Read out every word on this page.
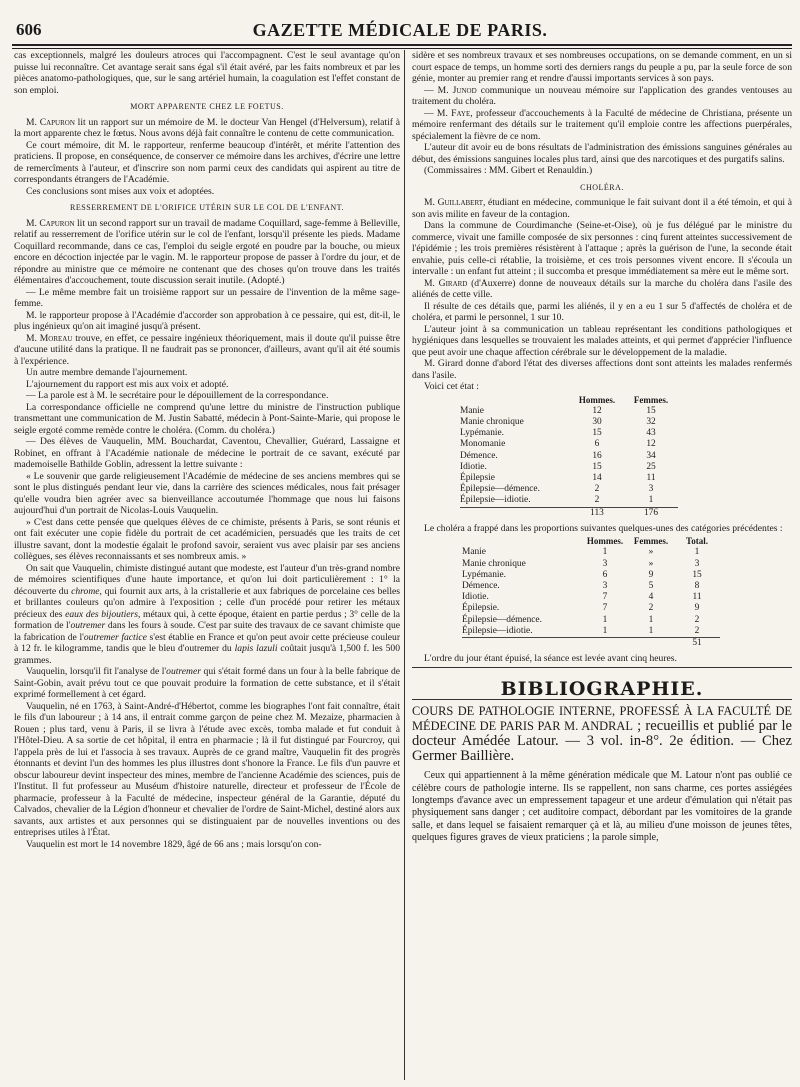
606	GAZETTE MÉDICALE DE PARIS.

cas exceptionnels, malgré les douleurs atroces qui l'accompagnent. C'est le seul avantage qu'on puisse lui reconnaître. Cet avantage serait sans égal s'il était avéré, par les faits nombreux et par les pièces anatomo-pathologiques, que, sur le sang artériel humain, la coagulation est l'effet constant de son emploi.

MORT APPARENTE CHEZ LE FOETUS.

M. Capuron lit un rapport sur un mémoire de M. le docteur Van Hengel (d'Helversum), relatif à la mort apparente chez le fœtus. Nous avons déjà fait connaître le contenu de cette communication.

Ce court mémoire, dit M. le rapporteur, renferme beaucoup d'intérêt, et mérite l'attention des praticiens. Il propose, en conséquence, de conserver ce mémoire dans les archives, d'écrire une lettre de remercîments à l'auteur, et d'inscrire son nom parmi ceux des candidats qui aspirent au titre de correspondants étrangers de l'Académie.

Ces conclusions sont mises aux voix et adoptées.

RESSERREMENT DE L'ORIFICE UTÉRIN SUR LE COL DE L'ENFANT.

M. Capuron lit un second rapport sur un travail de madame Coquillard, sage-femme à Belleville, relatif au resserrement de l'orifice utérin sur le col de l'enfant, lorsqu'il présente les pieds. Madame Coquillard recommande, dans ce cas, l'emploi du seigle ergoté en poudre par la bouche, ou mieux encore en décoction injectée par le vagin. M. le rapporteur propose de passer à l'ordre du jour, et de répondre au ministre que ce mémoire ne contenant que des choses qu'on trouve dans les traités élémentaires d'accouchement, toute discussion serait inutile. (Adopté.)

— Le même membre fait un troisième rapport sur un pessaire de l'invention de la même sage-femme.

M. le rapporteur propose à l'Académie d'accorder son approbation à ce pessaire, qui est, dit-il, le plus ingénieux qu'on ait imaginé jusqu'à présent.

M. Moreau trouve, en effet, ce pessaire ingénieux théoriquement, mais il doute qu'il puisse être d'aucune utilité dans la pratique. Il ne faudrait pas se prononcer, d'ailleurs, avant qu'il ait été soumis à l'expérience.

Un autre membre demande l'ajournement.

L'ajournement du rapport est mis aux voix et adopté.

— La parole est à M. le secrétaire pour le dépouillement de la correspondance.

La correspondance officielle ne comprend qu'une lettre du ministre de l'instruction publique transmettant une communication de M. Justin Sabatté, médecin à Pont-Sainte-Marie, qui propose le seigle ergoté comme remède contre le choléra. (Comm. du choléra.)

— Des élèves de Vauquelin, MM. Bouchardat, Caventou, Chevallier, Guérard, Lassaigne et Robinet, en offrant à l'Académie nationale de médecine le portrait de ce savant, exécuté par mademoiselle Bathilde Goblin, adressent la lettre suivante :

« Le souvenir que garde religieusement l'Académie de médecine de ses anciens membres qui se sont le plus distingués pendant leur vie, dans la carrière des sciences médicales, nous fait présager qu'elle voudra bien agréer avec sa bienveillance accoutumée l'hommage que nous lui faisons aujourd'hui d'un portrait de Nicolas-Louis Vauquelin.

» C'est dans cette pensée que quelques élèves de ce chimiste, présents à Paris, se sont réunis et ont fait exécuter une copie fidèle du portrait de cet académicien, persuadés que les traits de cet illustre savant, dont la modestie égalait le profond savoir, seraient vus avec plaisir par ses anciens collègues, ses élèves reconnaissants et ses nombreux amis. »

On sait que Vauquelin, chimiste distingué autant que modeste, est l'auteur d'un très-grand nombre de mémoires scientifiques d'une haute importance, et qu'on lui doit particulièrement : 1° la découverte du chrome, qui fournit aux arts, à la cristallerie et aux fabriques de porcelaine ces belles et brillantes couleurs qu'on admire à l'exposition ; celle d'un procédé pour retirer les métaux précieux des eaux des bijoutiers, métaux qui, à cette époque, étaient en partie perdus ; 3° celle de la formation de l'outremer dans les fours à soude. C'est par suite des travaux de ce savant chimiste que la fabrication de l'outremer factice s'est établie en France et qu'on peut avoir cette précieuse couleur à 12 fr. le kilogramme, tandis que le bleu d'outremer du lapis lazuli coûtait jusqu'à 1,500 f. les 500 grammes.

Vauquelin, lorsqu'il fit l'analyse de l'outremer qui s'était formé dans un four à la belle fabrique de Saint-Gobin, avait prévu tout ce que pouvait produire la formation de cette substance, et il s'était exprimé formellement à cet égard.

Vauquelin, né en 1763, à Saint-André-d'Hébertot, comme les biographes l'ont fait connaître, était le fils d'un laboureur ; à 14 ans, il entrait comme garçon de peine chez M. Mezaize, pharmacien à Rouen ; plus tard, venu à Paris, il se livra à l'étude avec excès, tomba malade et fut conduit à l'Hôtel-Dieu. A sa sortie de cet hôpital, il entra en pharmacie ; là il fut distingué par Fourcroy, qui l'appela près de lui et l'associa à ses travaux. Auprès de ce grand maître, Vauquelin fit des progrès étonnants et devint l'un des hommes les plus illustres dont s'honore la France. Le fils d'un pauvre et obscur laboureur devint inspecteur des mines, membre de l'ancienne Académie des sciences, puis de l'Institut. Il fut professeur au Muséum d'histoire naturelle, directeur et professeur de l'École de pharmacie, professeur à la Faculté de médecine, inspecteur général de la Garantie, député du Calvados, chevalier de la Légion d'honneur et chevalier de l'ordre de Saint-Michel, destiné alors aux savants, aux artistes et aux personnes qui se distinguaient par de nouvelles inventions ou des entreprises utiles à l'État.

Vauquelin est mort le 14 novembre 1829, âgé de 66 ans ; mais lorsqu'on con-

sidère et ses nombreux travaux et ses nombreuses occupations, on se demande comment, en un si court espace de temps, un homme sorti des derniers rangs du peuple a pu, par la seule force de son génie, monter au premier rang et rendre d'aussi importants services à son pays.

— M. Junod communique un nouveau mémoire sur l'application des grandes ventouses au traitement du choléra.

— M. Faye, professeur d'accouchements à la Faculté de médecine de Christiana, présente un mémoire renfermant des détails sur le traitement qu'il emploie contre les affections puerpérales, spécialement la fièvre de ce nom.

L'auteur dit avoir eu de bons résultats de l'administration des émissions sanguines générales au début, des émissions sanguines locales plus tard, ainsi que des narcotiques et des purgatifs salins.

(Commissaires : MM. Gibert et Renauldin.)

CHOLÉRA.

M. Guillabert, étudiant en médecine, communique le fait suivant dont il a été témoin, et qui à son avis milite en faveur de la contagion.

Dans la commune de Courdimanche (Seine-et-Oise), où je fus délégué par le ministre du commerce, vivait une famille composée de six personnes : cinq furent atteintes successivement de l'épidémie ; les trois premières résistèrent à l'attaque ; après la guérison de l'une, la seconde était envahie, puis celle-ci rétablie, la troisième, et ces trois personnes vivent encore. Il s'écoula un intervalle : un enfant fut atteint ; il succomba et presque immédiatement sa mère eut le même sort.

M. Girard (d'Auxerre) donne de nouveaux détails sur la marche du choléra dans l'asile des aliénés de cette ville.

Il résulte de ces détails que, parmi les aliénés, il y en a eu 1 sur 5 d'affectés de choléra et de choléra, et parmi le personnel, 1 sur 10.

L'auteur joint à sa communication un tableau représentant les conditions pathologiques et hygiéniques dans lesquelles se trouvaient les malades atteints, et qui permet d'apprécier l'influence que peut avoir une chaque affection cérébrale sur le développement de la maladie.

M. Girard donne d'abord l'état des diverses affections dont sont atteints les malades renfermés dans l'asile.

Voici cet état :

	Hommes.	Femmes.
Manie	12	15
Manie chronique	30	32
Lypémanie.	15	43
Monomanie	6	12
Démence.	16	34
Idiotie.	15	25
Épilepsie	14	11
Épilepsie—démence.	2	3
Épilepsie—idiotie.	2	1
	113	176

Le choléra a frappé dans les proportions suivantes quelques-unes des catégories précédentes :

	Hommes.	Femmes.	Total.
Manie	1	»	1
Manie chronique	3	»	3
Lypémanie.	6	9	15
Démence.	3	5	8
Idiotie.	7	4	11
Épilepsie.	7	2	9
Épilepsie—démence.	1	1	2
Épilepsie—idiotie.	1	1	2
			51

L'ordre du jour étant épuisé, la séance est levée avant cinq heures.

BIBLIOGRAPHIE.

COURS DE PATHOLOGIE INTERNE, PROFESSÉ À LA FACULTÉ DE MÉDECINE DE PARIS PAR M. ANDRAL ; recueillis et publié par le docteur Amédée Latour. — 3 vol. in-8°. 2e édition. — Chez Germer Baillière.

Ceux qui appartiennent à la même génération médicale que M. Latour n'ont pas oublié ce célèbre cours de pathologie interne. Ils se rappellent, non sans charme, ces portes assiégées longtemps d'avance avec un empressement tapageur et une ardeur d'émulation qui n'était pas physiquement sans danger ; cet auditoire compact, débordant par les vomitoires de la grande salle, et dans lequel se faisaient remarquer çà et là, au milieu d'une moisson de jeunes têtes, quelques figures graves de vieux praticiens ; la parole simple,
